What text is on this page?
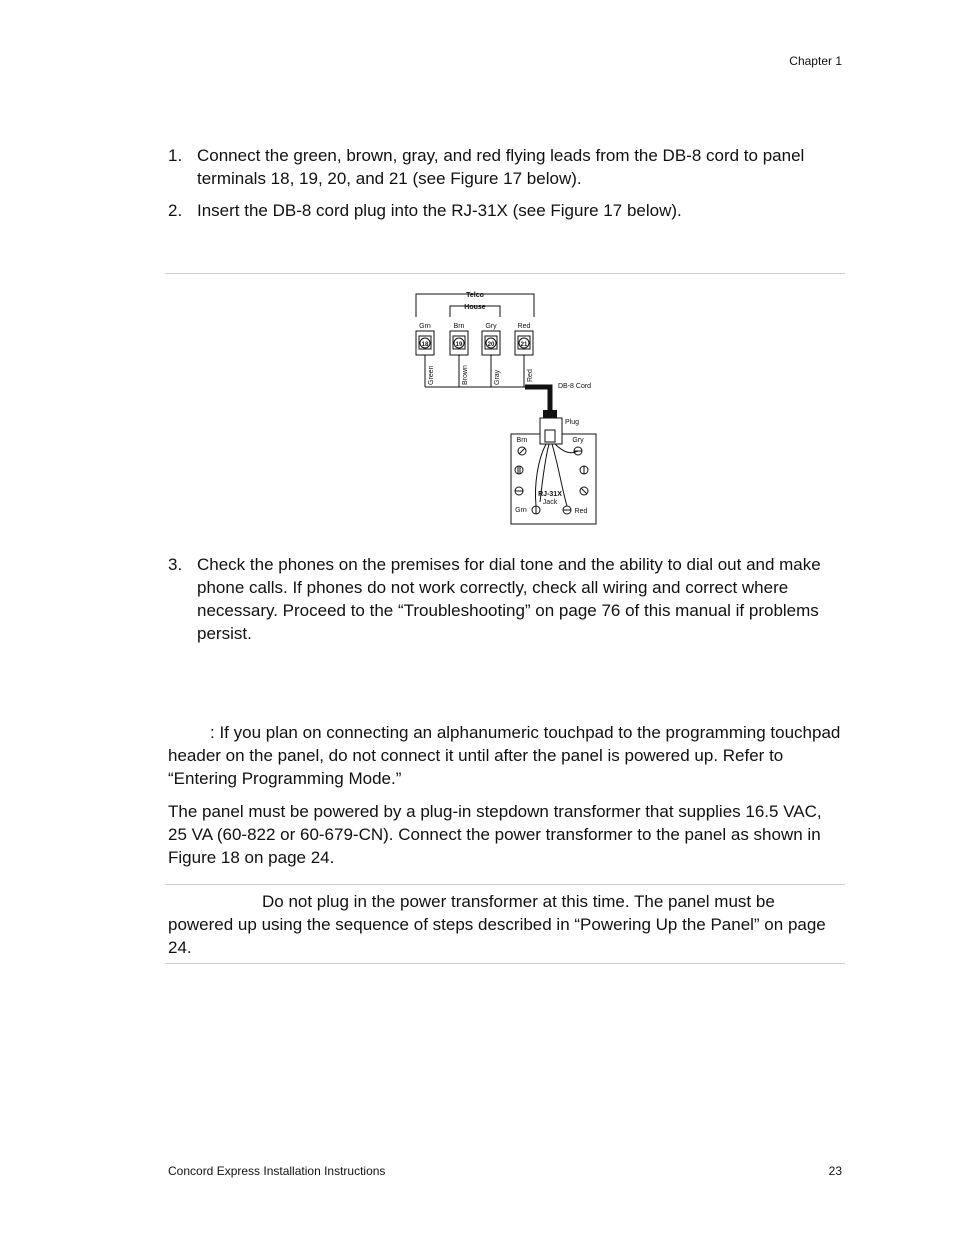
Chapter 1
1. Connect the green, brown, gray, and red flying leads from the DB-8 cord to panel terminals 18, 19, 20, and 21 (see Figure 17 below).
2. Insert the DB-8 cord plug into the RJ-31X (see Figure 17 below).
Telco
House
Grn
18
Brn
19
Gry
20
Red
21
Green	Brown	Gray	Red
DB-8 Cord
Plug
Brn	Gry
RJ-31X
Jack
Grn	Red
3. Check the phones on the premises for dial tone and the ability to dial out and make phone calls. If phones do not work correctly, check all wiring and correct where necessary. Proceed to the “Troubleshooting” on page 76 of this manual if problems persist.

: If you plan on connecting an alphanumeric touchpad to the programming touchpad header on the panel, do not connect it until after the panel is powered up. Refer to “Entering Programming Mode.”

The panel must be powered by a plug-in stepdown transformer that supplies 16.5 VAC, 25 VA (60-822 or 60-679-CN). Connect the power transformer to the panel as shown in Figure 18 on page 24.

Do not plug in the power transformer at this time. The panel must be powered up using the sequence of steps described in “Powering Up the Panel” on page 24.

Concord Express Installation Instructions	23
